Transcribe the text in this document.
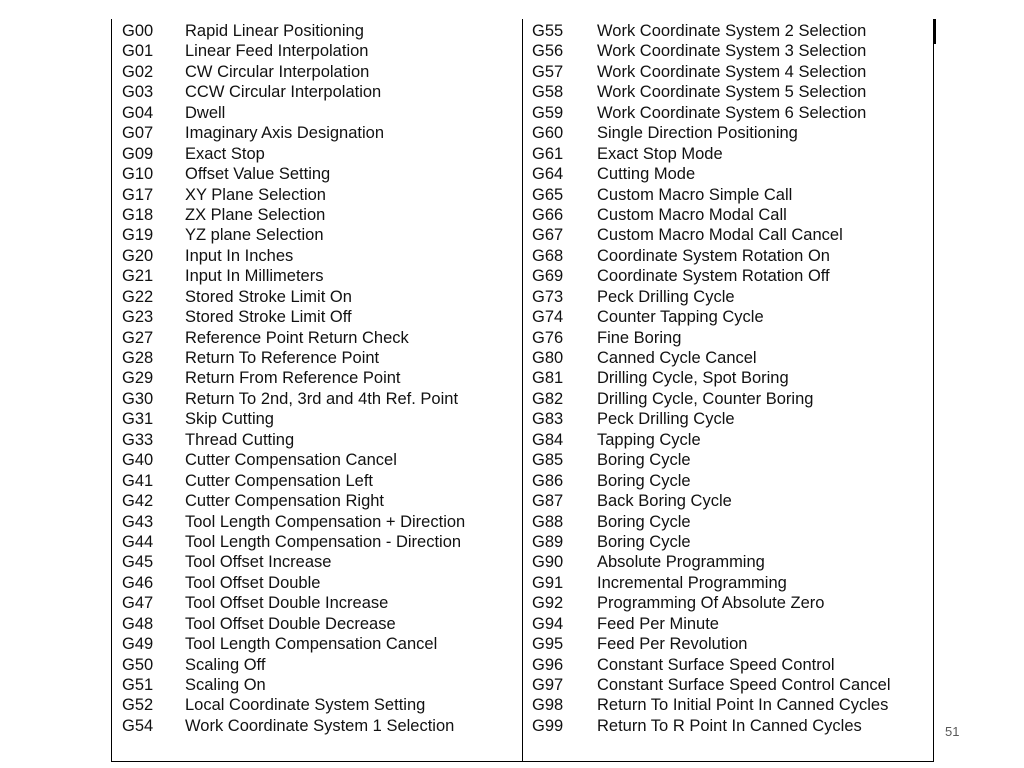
G00	Rapid Linear Positioning
G01	Linear Feed Interpolation
G02	CW Circular Interpolation
G03	CCW Circular Interpolation
G04	Dwell
G07	Imaginary Axis Designation
G09	Exact Stop
G10	Offset Value Setting
G17	XY Plane Selection
G18	ZX Plane Selection
G19	YZ plane Selection
G20	Input In Inches
G21	Input In Millimeters
G22	Stored Stroke Limit On
G23	Stored Stroke Limit Off
G27	Reference Point Return Check
G28	Return To Reference Point
G29	Return From Reference Point
G30	Return To 2nd, 3rd and 4th Ref. Point
G31	Skip Cutting
G33	Thread Cutting
G40	Cutter Compensation Cancel
G41	Cutter Compensation Left
G42	Cutter Compensation Right
G43	Tool Length Compensation + Direction
G44	Tool Length Compensation - Direction
G45	Tool Offset Increase
G46	Tool Offset Double
G47	Tool Offset Double Increase
G48	Tool Offset Double Decrease
G49	Tool Length Compensation Cancel
G50	Scaling Off
G51	Scaling On
G52	Local Coordinate System Setting
G54	Work Coordinate System 1 Selection
G55	Work Coordinate System 2 Selection
G56	Work Coordinate System 3 Selection
G57	Work Coordinate System 4 Selection
G58	Work Coordinate System 5 Selection
G59	Work Coordinate System 6 Selection
G60	Single Direction Positioning
G61	Exact Stop Mode
G64	Cutting Mode
G65	Custom Macro Simple Call
G66	Custom Macro Modal Call
G67	Custom Macro Modal Call Cancel
G68	Coordinate System Rotation On
G69	Coordinate System Rotation Off
G73	Peck Drilling Cycle
G74	Counter Tapping Cycle
G76	Fine Boring
G80	Canned Cycle Cancel
G81	Drilling Cycle, Spot Boring
G82	Drilling Cycle, Counter Boring
G83	Peck Drilling Cycle
G84	Tapping Cycle
G85	Boring Cycle
G86	Boring Cycle
G87	Back Boring Cycle
G88	Boring Cycle
G89	Boring Cycle
G90	Absolute Programming
G91	Incremental Programming
G92	Programming Of Absolute Zero
G94	Feed Per Minute
G95	Feed Per Revolution
G96	Constant Surface Speed Control
G97	Constant Surface Speed Control Cancel
G98	Return To Initial Point In Canned Cycles
G99	Return To R Point In Canned Cycles	51
